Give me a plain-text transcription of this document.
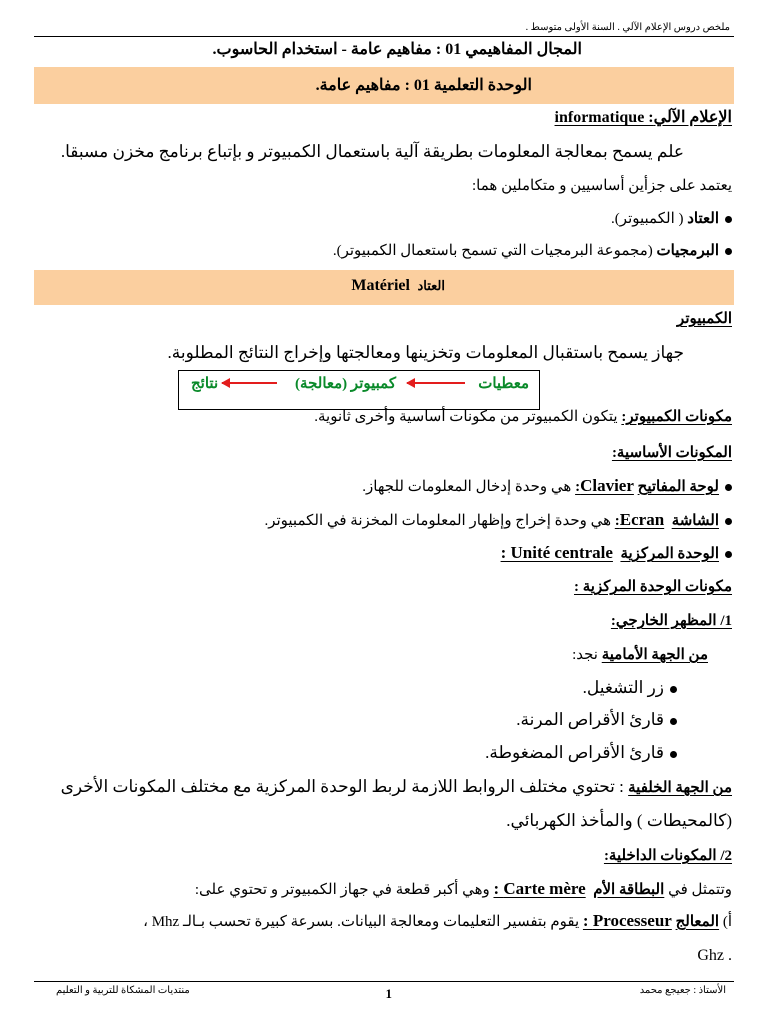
ملخص دروس الإعلام الآلي . السنة الأولى متوسط .
المجال المفاهيمي 01 : مفاهيم عامة - استخدام الحاسوب.
الوحدة التعلمية 01 : مفاهيم عامة.
الإعلام الآليinformatique :
علم يسمح بمعالجة المعلومات بطريقة آلية باستعمال الكمبيوتر و بإتباع برنامج مخزن مسبقا.
يعتمد على جزأين أساسيين و متكاملين هما:
العتاد ( الكمبيوتر).
البرمجيات (مجموعة البرمجيات التي تسمح باستعمال الكمبيوتر).
العتاد  Matériel
الكمبيوتر
جهاز يسمح باستقبال المعلومات وتخزينها ومعالجتها وإخراج النتائج المطلوبة.
معطيات
كمبيوتر (معالجة)
نتائج
مكونات الكمبيوتر: يتكون الكمبيوتر من مكونات أساسية وأخرى ثانوية.
المكونات الأساسية:
لوحة المفاتيح Clavier: هي وحدة إدخال المعلومات للجهاز.
الشاشة  Ecran: هي وحدة إخراج وإظهار المعلومات المخزنة في الكمبيوتر.
الوحدة المركزية  Unité centrale :
مكونات الوحدة المركزية :
1/ المظهر الخارجي:
من الجهة الأمامية نجد:
زر التشغيل.
قارئ الأقراص المرنة.
قارئ الأقراص المضغوطة.
من الجهة الخلفية : تحتوي مختلف الروابط اللازمة لربط الوحدة المركزية مع مختلف المكونات الأخرى
(كالمحيطات ) والمأخذ الكهربائي.
2/ المكونات الداخلية:
وتتمثل في البطاقة الأم  Carte mère : وهي أكبر قطعة في جهاز الكمبيوتر و تحتوي على:
أ) المعالج Processeur : يقوم بتفسير التعليمات ومعالجة البيانات. بسرعة كبيرة تحسب بـالـ Mhz ،
. Ghz
الأستاذ : جعيجع محمد
1
منتديات المشكاة للتربية و التعليم
